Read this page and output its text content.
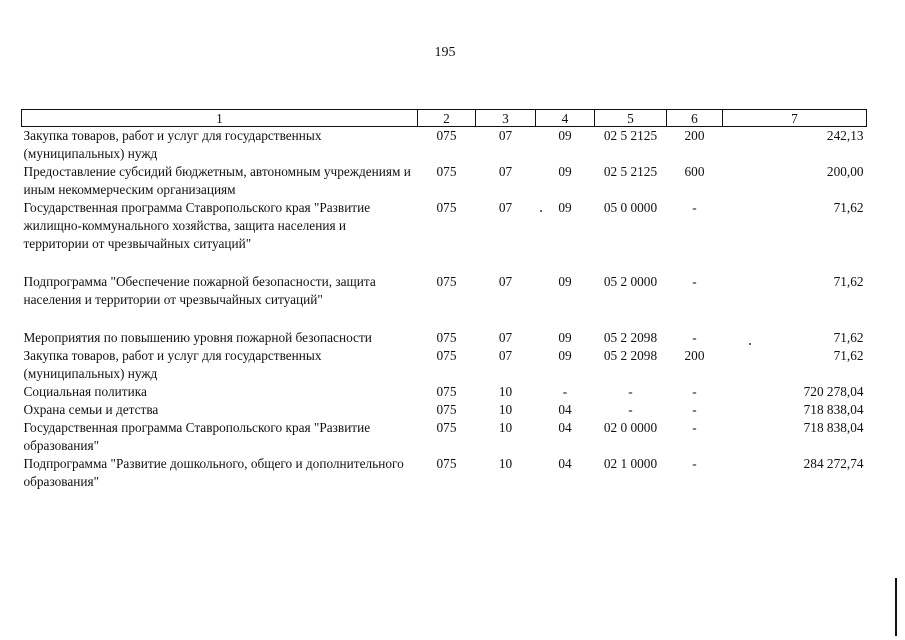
195
1	2	3	4	5	6	7
Закупка товаров, работ и услуг для государственных (муниципальных) нужд	075	07	09	02 5 2125	200	242,13
Предоставление субсидий бюджетным, автономным учреждениям и иным некоммерческим организациям	075	07	09	02 5 2125	600	200,00
Государственная программа Ставропольского края "Развитие жилищно-коммунального хозяйства, защита населения и территории от чрезвычайных ситуаций"	075	07	09	05 0 0000	-	71,62
Подпрограмма "Обеспечение пожарной безопасности, защита населения и территории от чрезвычайных ситуаций"	075	07	09	05 2 0000	-	71,62
Мероприятия по повышению уровня пожарной безопасности	075	07	09	05 2 2098	-	71,62
Закупка товаров, работ и услуг для государственных (муниципальных) нужд	075	07	09	05 2 2098	200	71,62
Социальная политика	075	10	-	-	-	720 278,04
Охрана семьи и детства	075	10	04	-	-	718 838,04
Государственная программа Ставропольского края "Развитие образования"	075	10	04	02 0 0000	-	718 838,04
Подпрограмма "Развитие дошкольного, общего и дополнительного образования"	075	10	04	02 1 0000	-	284 272,74
